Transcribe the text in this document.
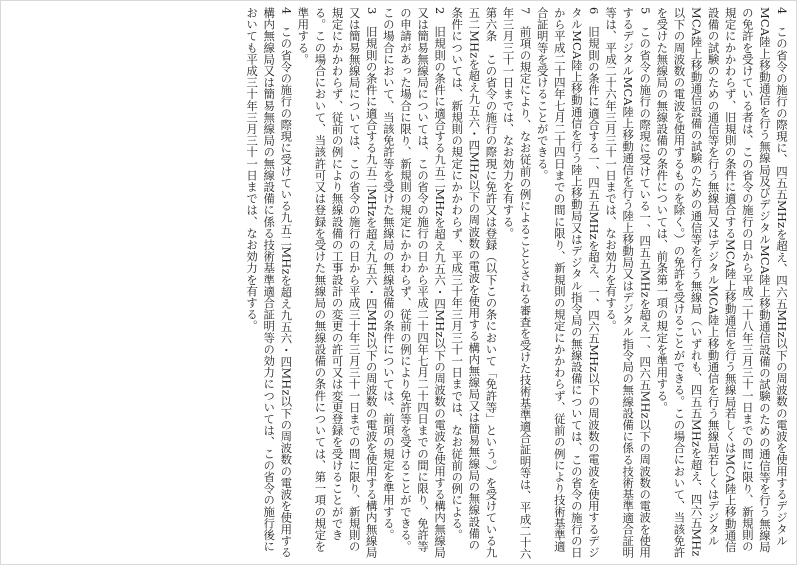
4　この省令の施行の際現に、四五五MHzを超え、四六五MHz以下の周波数の電波を使用するデジタルMCA陸上移動通信を行う無線局及びデジタルMCA陸上移動通信設備の試験のための通信等を行う無線局の免許を受けている者は、この省令の施行の日から平成二十八年三月三十一日までの間に限り、新規則の規定にかかわらず、旧規則の条件に適合するMCA陸上移動通信を行う無線局若しくはMCA陸上移動通信設備の試験のための通信等を行う無線局又はデジタルMCA陸上移動通信を行う無線局若しくはデジタルMCA陸上移動通信設備の試験のための通信等を行う無線局（いずれも、四五五MHzを超え、四六五MHz以下の周波数の電波を使用するものを除く。）の免許を受けることができる。この場合において、当該免許を受けた無線局の無線設備の条件については、前条第一項の規定を準用する。

5　この省令の施行の際現に受けている一、四五五MHzを超え一、四六五MHz以下の周波数の電波を使用するデジタルMCA陸上移動通信を行う陸上移動局又はデジタル指令局の無線設備に係る技術基準適合証明等は、平成二十六年三月三十一日までは、なお効力を有する。

6　旧規則の条件に適合する一、四五五MHzを超え、一、四六五MHz以下の周波数の電波を使用するデジタルMCA陸上移動通信を行う陸上移動局又はデジタル指令局の無線設備については、この省令の施行の日から平成二十四年七月二十四日までの間に限り、新規則の規定にかかわらず、従前の例により技術基準適合証明等を受けることができる。

7　前項の規定により、なお従前の例によることとされる審査を受けた技術基準適合証明等は、平成二十六年三月三十一日までは、なお効力を有する。

第六条　この省令の施行の際現に免許又は登録（以下この条において「免許等」という。）を受けている九五二MHzを超え九五六・四MHz以下の周波数の電波を使用する構内無線局又は簡易無線局の無線設備の条件については、新規則の規定にかかわらず、平成三十年三月三十一日までは、なお従前の例による。

2　旧規則の条件に適合する九五二MHzを超え九五六・四MHz以下の周波数の電波を使用する構内無線局又は簡易無線局については、この省令の施行の日から平成二十四年七月二十四日までの間に限り、免許等の申請があった場合に限り、新規則の規定にかかわらず、従前の例により免許等を受けることができる。この場合において、当該免許等を受けた無線局の無線設備の条件については、前項の規定を準用する。

3　旧規則の条件に適合する九五二MHzを超え九五六・四MHz以下の周波数の電波を使用する構内無線局又は簡易無線局については、この省令の施行の日から平成三十年三月三十一日までの間に限り、新規則の規定にかかわらず、従前の例により無線設備の工事設計の変更の許可又は変更登録を受けることができる。この場合において、当該許可又は登録を受けた無線局の無線設備の条件については、第一項の規定を準用する。

4　この省令の施行の際現に受けている九五二MHzを超え九五六・四MHz以下の周波数の電波を使用する構内無線局又は簡易無線局の無線設備に係る技術基準適合証明等の効力については、この省令の施行後においても平成三十年三月三十一日までは、なお効力を有する。
